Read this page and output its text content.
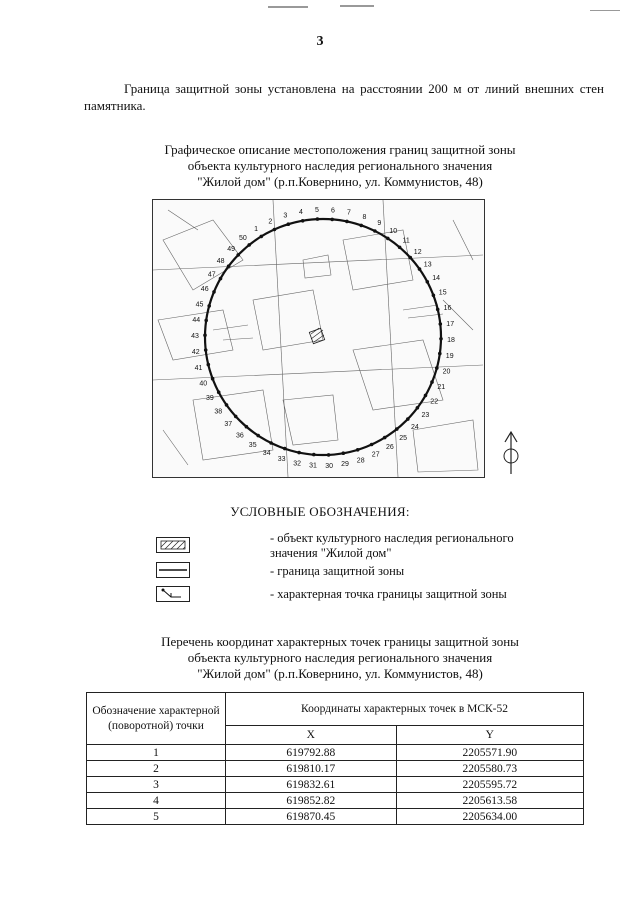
3
Граница защитной зоны установлена на расстоянии 200 м от линий внешних стен памятника.
Графическое описание местоположения границ защитной зоны
объекта культурного наследия регионального значения
"Жилой дом" (р.п.Ковернино, ул. Коммунистов, 48)
1
2
3
4 5 6 7
8
9
10
11
12
13
14
15
16
17
18
19
20
21
22
23
24
25
26
27
28
29
30
31
32
33
34
35
36
37
38
39
40
41
42
43
44
45
46
47
48
49
50
УСЛОВНЫЕ ОБОЗНАЧЕНИЯ:
- объект культурного наследия регионального
значения "Жилой дом"
- граница защитной зоны
- характерная точка границы защитной зоны
Перечень координат характерных точек границы защитной зоны
объекта культурного наследия регионального значения
"Жилой дом" (р.п.Ковернино, ул. Коммунистов, 48)
Обозначение характерной (поворотной) точки	Координаты характерных точек в МСК-52	
	X	Y
1	619792.88	2205571.90
2	619810.17	2205580.73
3	619832.61	2205595.72
4	619852.82	2205613.58
5	619870.45	2205634.00
